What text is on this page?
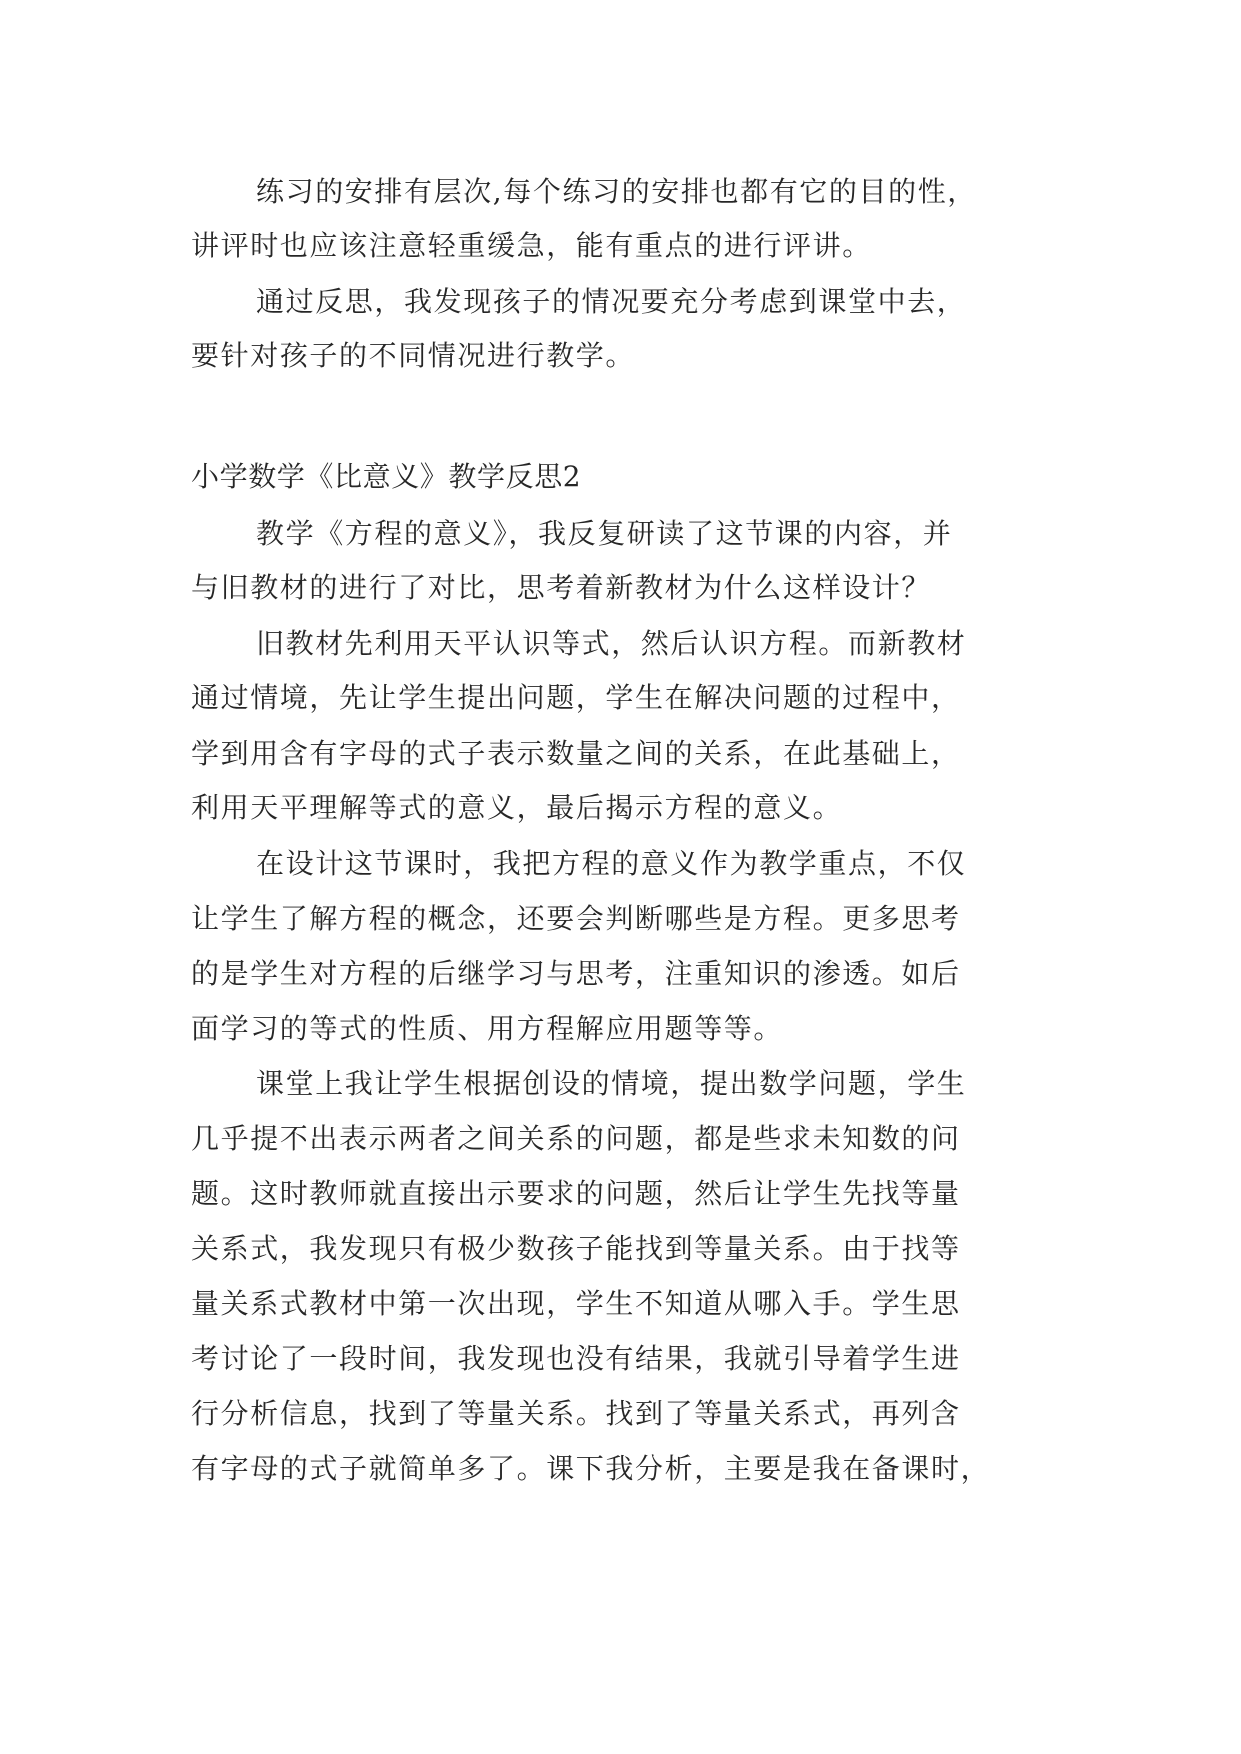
练习的安排有层次,每个练习的安排也都有它的目的性，
讲评时也应该注意轻重缓急，能有重点的进行评讲。
通过反思，我发现孩子的情况要充分考虑到课堂中去，
要针对孩子的不同情况进行教学。
小学数学《比意义》教学反思2
教学《方程的意义》，我反复研读了这节课的内容，并
与旧教材的进行了对比，思考着新教材为什么这样设计？
旧教材先利用天平认识等式，然后认识方程。而新教材
通过情境，先让学生提出问题，学生在解决问题的过程中，
学到用含有字母的式子表示数量之间的关系，在此基础上，
利用天平理解等式的意义，最后揭示方程的意义。
在设计这节课时，我把方程的意义作为教学重点，不仅
让学生了解方程的概念，还要会判断哪些是方程。更多思考
的是学生对方程的后继学习与思考，注重知识的渗透。如后
面学习的等式的性质、用方程解应用题等等。
课堂上我让学生根据创设的情境，提出数学问题，学生
几乎提不出表示两者之间关系的问题，都是些求未知数的问
题。这时教师就直接出示要求的问题，然后让学生先找等量
关系式，我发现只有极少数孩子能找到等量关系。由于找等
量关系式教材中第一次出现，学生不知道从哪入手。学生思
考讨论了一段时间，我发现也没有结果，我就引导着学生进
行分析信息，找到了等量关系。找到了等量关系式，再列含
有字母的式子就简单多了。课下我分析，主要是我在备课时，
